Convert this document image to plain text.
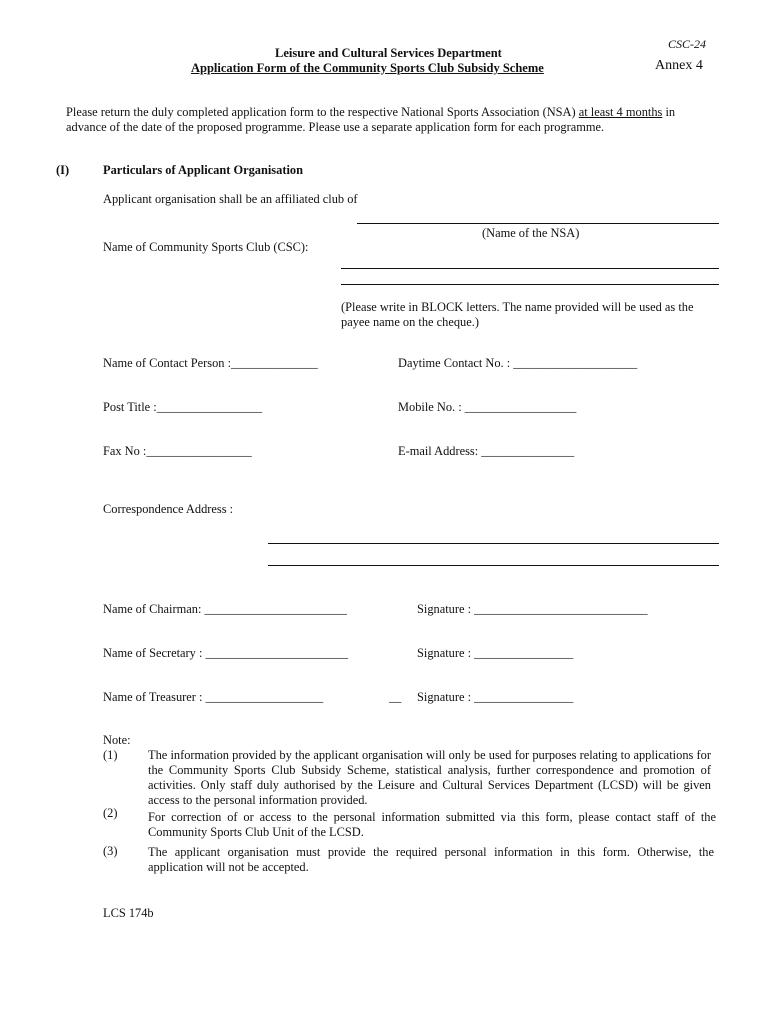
CSC-24
Annex 4
Leisure and Cultural Services Department
Application Form of the Community Sports Club Subsidy Scheme
Please return the duly completed application form to the respective National Sports Association (NSA) at least 4 months in advance of the date of the proposed programme. Please use a separate application form for each programme.
(I)	Particulars of Applicant Organisation
Applicant organisation shall be an affiliated club of
(Name of the NSA)
Name of Community Sports Club (CSC):
(Please write in BLOCK letters. The name provided will be used as the payee name on the cheque.)
Name of Contact Person :______________	Daytime Contact No. : ____________________
Post Title :_________________	Mobile No. : __________________
Fax No :_________________	E-mail Address: _______________
Correspondence Address :
Name of Chairman: _______________________	Signature : ____________________________
Name of Secretary : _______________________	Signature : ________________
Name of Treasurer : ___________________	__ Signature : ________________
Note:
(1) The information provided by the applicant organisation will only be used for purposes relating to applications for the Community Sports Club Subsidy Scheme, statistical analysis, further correspondence and promotion of activities. Only staff duly authorised by the Leisure and Cultural Services Department (LCSD) will be given access to the personal information provided.
(2) For correction of or access to the personal information submitted via this form, please contact staff of the Community Sports Club Unit of the LCSD.
(3) The applicant organisation must provide the required personal information in this form. Otherwise, the application will not be accepted.
LCS 174b
